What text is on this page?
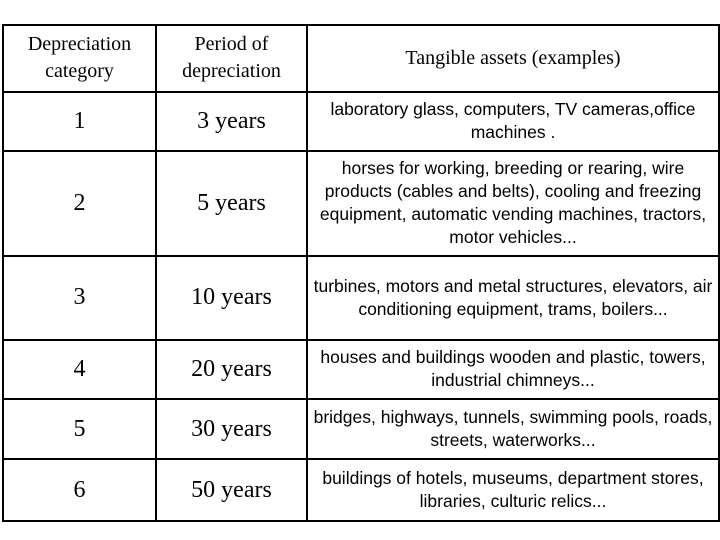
Depreciation category	Period of depreciation	Tangible assets (examples)
1	3 years	laboratory glass, computers, TV cameras,office machines .
2	5 years	horses for working, breeding or rearing, wire products (cables and belts), cooling and freezing equipment, automatic vending machines, tractors, motor vehicles...
3	10 years	turbines, motors and metal structures, elevators, air conditioning equipment, trams, boilers...
4	20 years	houses and buildings wooden and plastic, towers, industrial chimneys...
5	30 years	bridges, highways, tunnels, swimming pools, roads, streets, waterworks...
6	50 years	buildings of hotels, museums, department stores, libraries, culturic relics...
